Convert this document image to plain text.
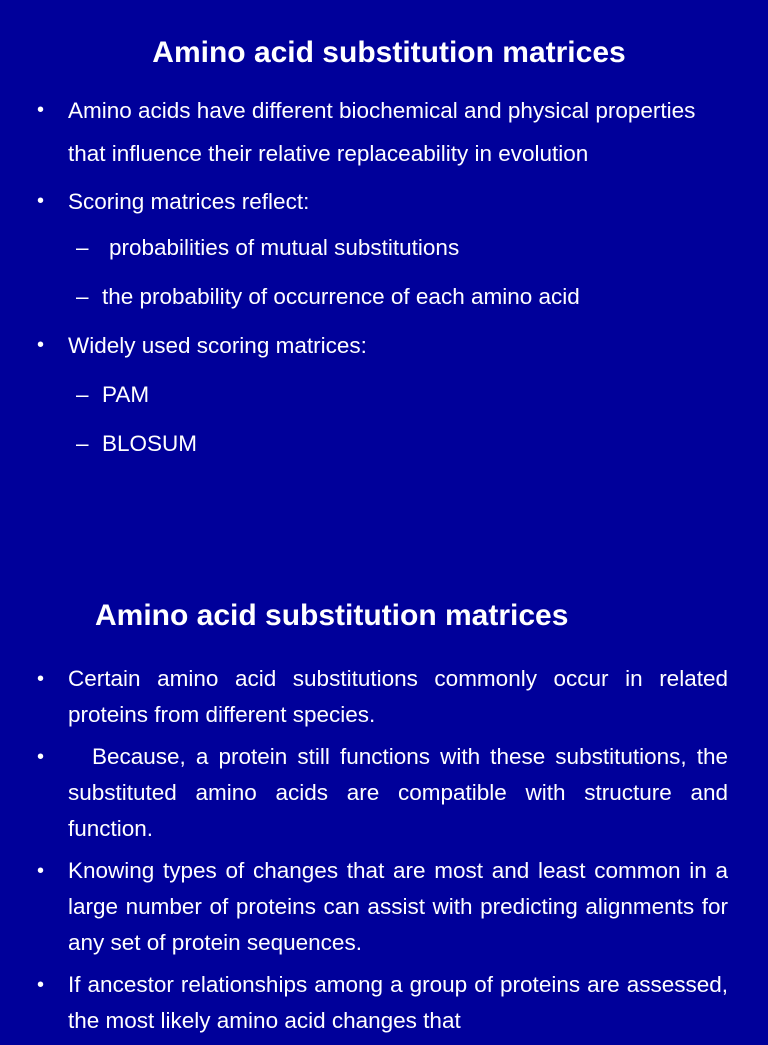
Amino acid substitution matrices
• Amino acids have different biochemical and physical properties that influence their relative replaceability in evolution
• Scoring matrices reflect:
– probabilities of mutual substitutions
– the probability of occurrence of each amino acid
• Widely used scoring matrices:
– PAM
– BLOSUM
Amino acid substitution matrices
• Certain amino acid substitutions commonly occur in related proteins from different species.
•	Because, a protein still functions with these substitutions, the substituted amino acids are compatible with structure and function.
• Knowing types of changes that are most and least common in a large number of proteins can assist with predicting alignments for any set of protein sequences.
• If ancestor relationships among a group of proteins are assessed, the most likely amino acid changes that
